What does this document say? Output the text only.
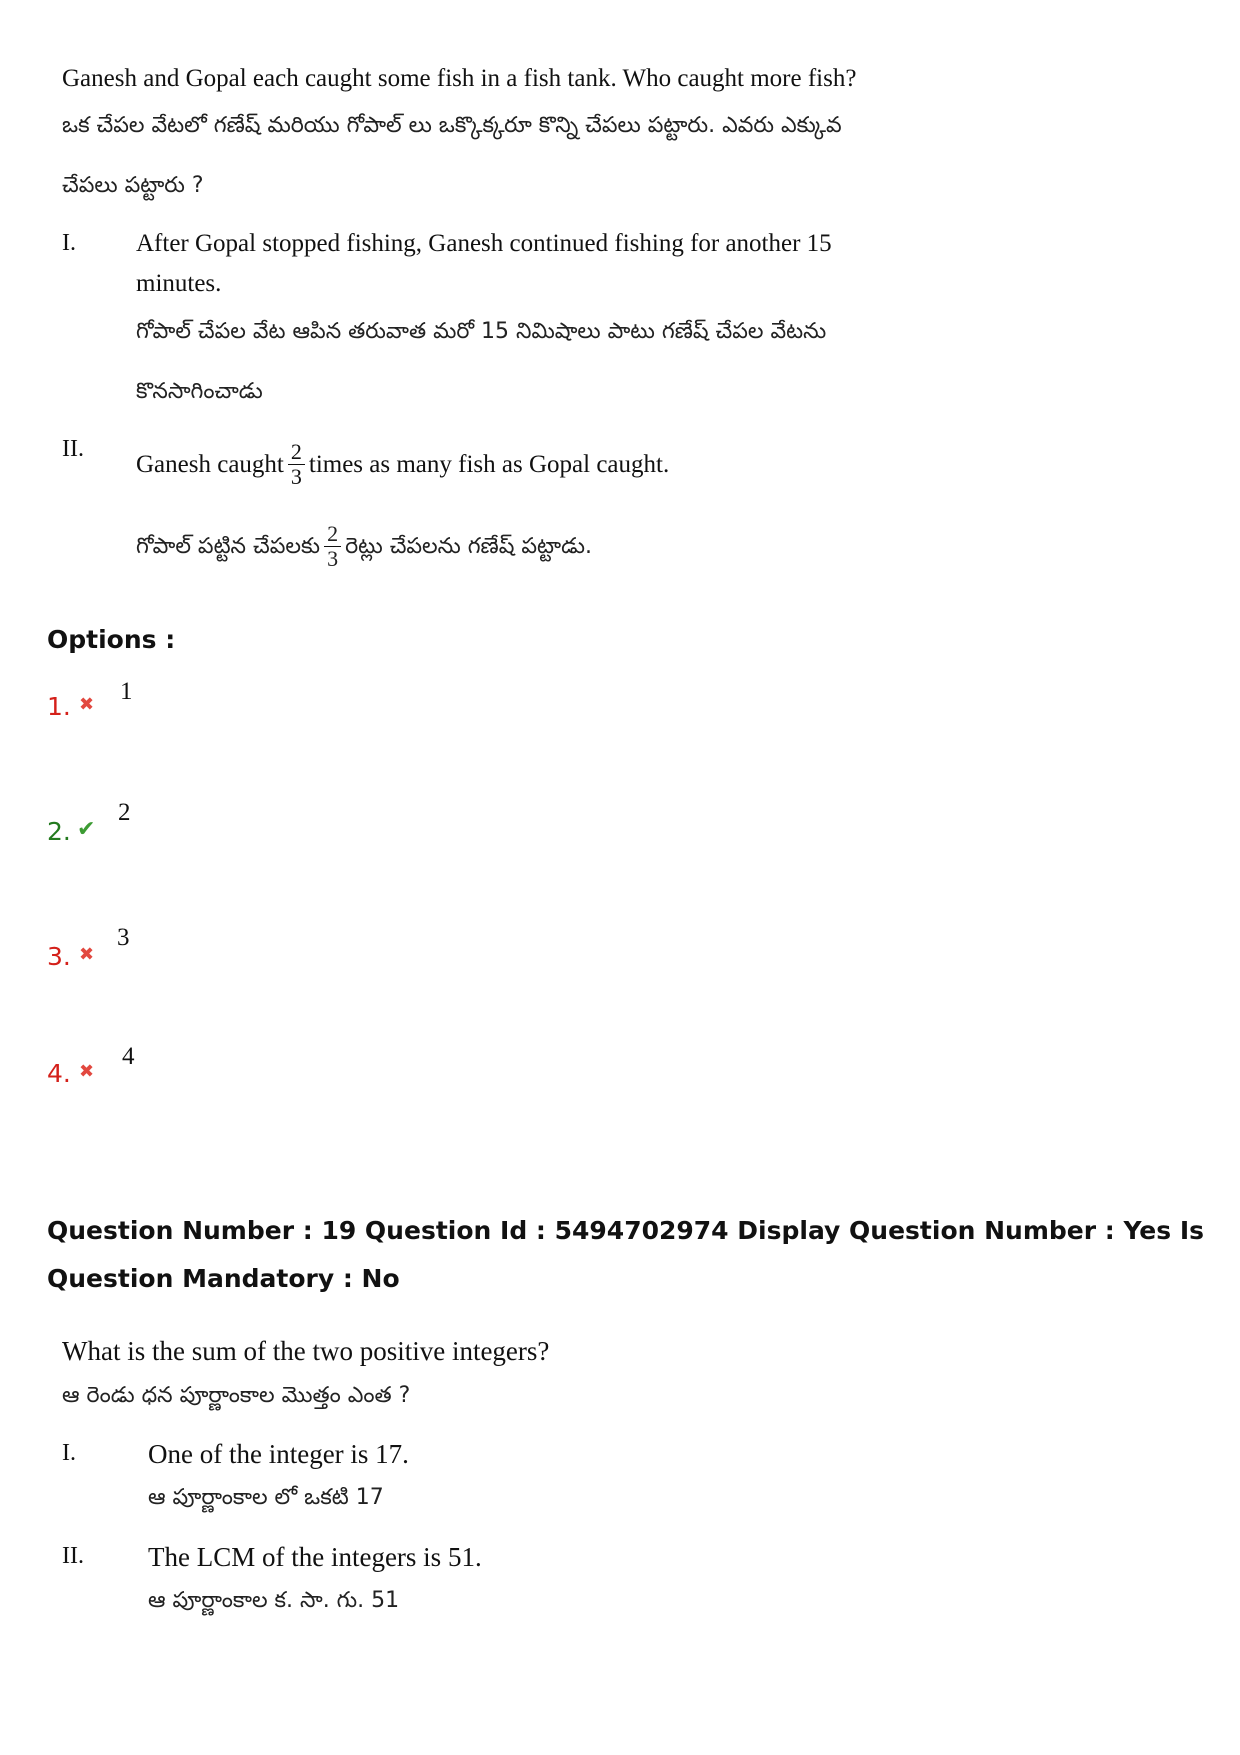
Ganesh and Gopal each caught some fish in a fish tank. Who caught more fish?
ఒక చేపల వేటలో గణేష్ మరియు గోపాల్ లు ఒక్కొక్కరూ కొన్ని చేపలు పట్టారు. ఎవరు ఎక్కువ
చేపలు పట్టారు ?
I. After Gopal stopped fishing, Ganesh continued fishing for another 15
minutes.
గోపాల్ చేపల వేట ఆపిన తరువాత మరో 15 నిమిషాలు పాటు గణేష్ చేపల వేటను
కొనసాగించాడు
II.
Ganesh caught $\frac{2}{3}$ times as many fish as Gopal caught.
గోపాల్ పట్టిన చేపలకు $\frac{2}{3}$ రెట్లు చేపలను గణేష్ పట్టాడు.
Options :
1. ✖ 1
2. ✔
2
3. ✖
3
4. ✖
4
Question Number : 19 Question Id : 5494702974 Display Question Number : Yes Is Question Mandatory : No
What is the sum of the two positive integers?
ఆ రెండు ధన పూర్ణాంకాల మొత్తం ఎంత ?
I.	One of the integer is 17.
ఆ పూర్ణాంకాల లో ఒకటి 17
II. The LCM of the integers is 51.
ఆ పూర్ణాంకాల క. సా. గు. 51
